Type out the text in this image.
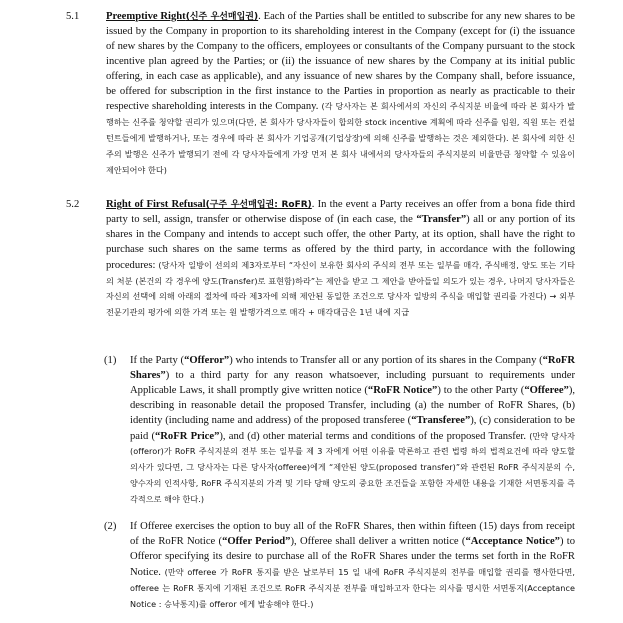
5.1	Preemptive Right(신주 우선매입권). Each of the Parties shall be entitled to subscribe for any new shares to be issued by the Company in proportion to its shareholding interest in the Company (except for (i) the issuance of new shares by the Company to the officers, employees or consultants of the Company pursuant to the stock incentive plan agreed by the Parties; or (ii) the issuance of new shares by the Company at its initial public offering, in each case as applicable), and any issuance of new shares by the Company shall, before issuance, be offered for subscription in the first instance to the Parties in proportion as nearly as practicable to their respective shareholding interests in the Company. (각 당사자는 본 회사에서의 자신의 주식지분 비율에 따라 본 회사가 발행하는 신주를 청약할 권리가 있으며(다만, 본 회사가 당사자들이 합의한 stock incentive 계획에 따라 신주를 임원, 직원 또는 컨설턴트들에게 발행하거나, 또는 경우에 따라 본 회사가 기업공개(기업상장)에 의해 신주를 발행하는 것은 제외한다). 본 회사에 의한 신주의 발행은 신주가 발행되기 전에 각 당사자들에게 가장 먼저 본 회사 내에서의 당사자들의 주식지분의 비율만큼 청약할 수 있음이 제안되어야 한다)
5.2	Right of First Refusal(구주 우선매입권: RoFR). In the event a Party receives an offer from a bona fide third party to sell, assign, transfer or otherwise dispose of (in each case, the “Transfer”) all or any portion of its shares in the Company and intends to accept such offer, the other Party, at its option, shall have the right to purchase such shares on the same terms as offered by the third party, in accordance with the following procedures: (당사자 일방이 선의의 제3자로부터 “자신이 보유한 회사의 주식의 전부 또는 일부를 매각, 주식배정, 양도 또는 기타의 처분 (본건의 각 경우에 양도(Transfer)로 표현함)하라”는 제안을 받고 그 제안을 받아들일 의도가 있는 경우, 나머지 당사자들은 자신의 선택에 의해 아래의 절차에 따라 제3자에 의해 제안된 동일한 조건으로 당사자 일방의 주식을 매입할 권리를 가진다) → 외부전문기관의 평가에 의한 가격 또는 원 발행가격으로 매각 + 매각대금은 1년 내에 지급
(1) If the Party (“Offeror”) who intends to Transfer all or any portion of its shares in the Company (“RoFR Shares”) to a third party for any reason whatsoever, including pursuant to requirements under Applicable Laws, it shall promptly give written notice (“RoFR Notice”) to the other Party (“Offeree”), describing in reasonable detail the proposed Transfer, including (a) the number of RoFR Shares, (b) identity (including name and address) of the proposed transferee (“Transferee”), (c) consideration to be paid (“RoFR Price”), and (d) other material terms and conditions of the proposed Transfer. (만약 당사자(offeror)가 RoFR 주식지분의 전부 또는 일부를 제 3 자에게 어떤 이유를 막론하고 관련 법령 하의 법적요건에 따라 양도할 의사가 있다면, 그 당사자는 다른 당사자(offeree)에게 “제안된 양도(proposed transfer)”와 관련된 RoFR 주식지분의 수, 양수자의 인적사항, RoFR 주식지분의 가격 및 기타 당해 양도의 중요한 조건들을 포함한 자세한 내용을 기재한 서면통지를 즉각적으로 해야 한다.)
(2) If Offeree exercises the option to buy all of the RoFR Shares, then within fifteen (15) days from receipt of the RoFR Notice (“Offer Period”), Offeree shall deliver a written notice (“Acceptance Notice”) to Offeror specifying its desire to purchase all of the RoFR Shares under the terms set forth in the RoFR Notice. (만약 offeree 가 RoFR 통지를 받은 날로부터 15 일 내에 RoFR 주식지분의 전부를 매입할 권리를 행사한다면, offeree 는 RoFR 통지에 기재된 조건으로 RoFR 주식지분 전부를 매입하고자 한다는 의사를 명시한 서면통지(Acceptance Notice : 승낙통지)를 offeror 에게 발송해야 한다.)
